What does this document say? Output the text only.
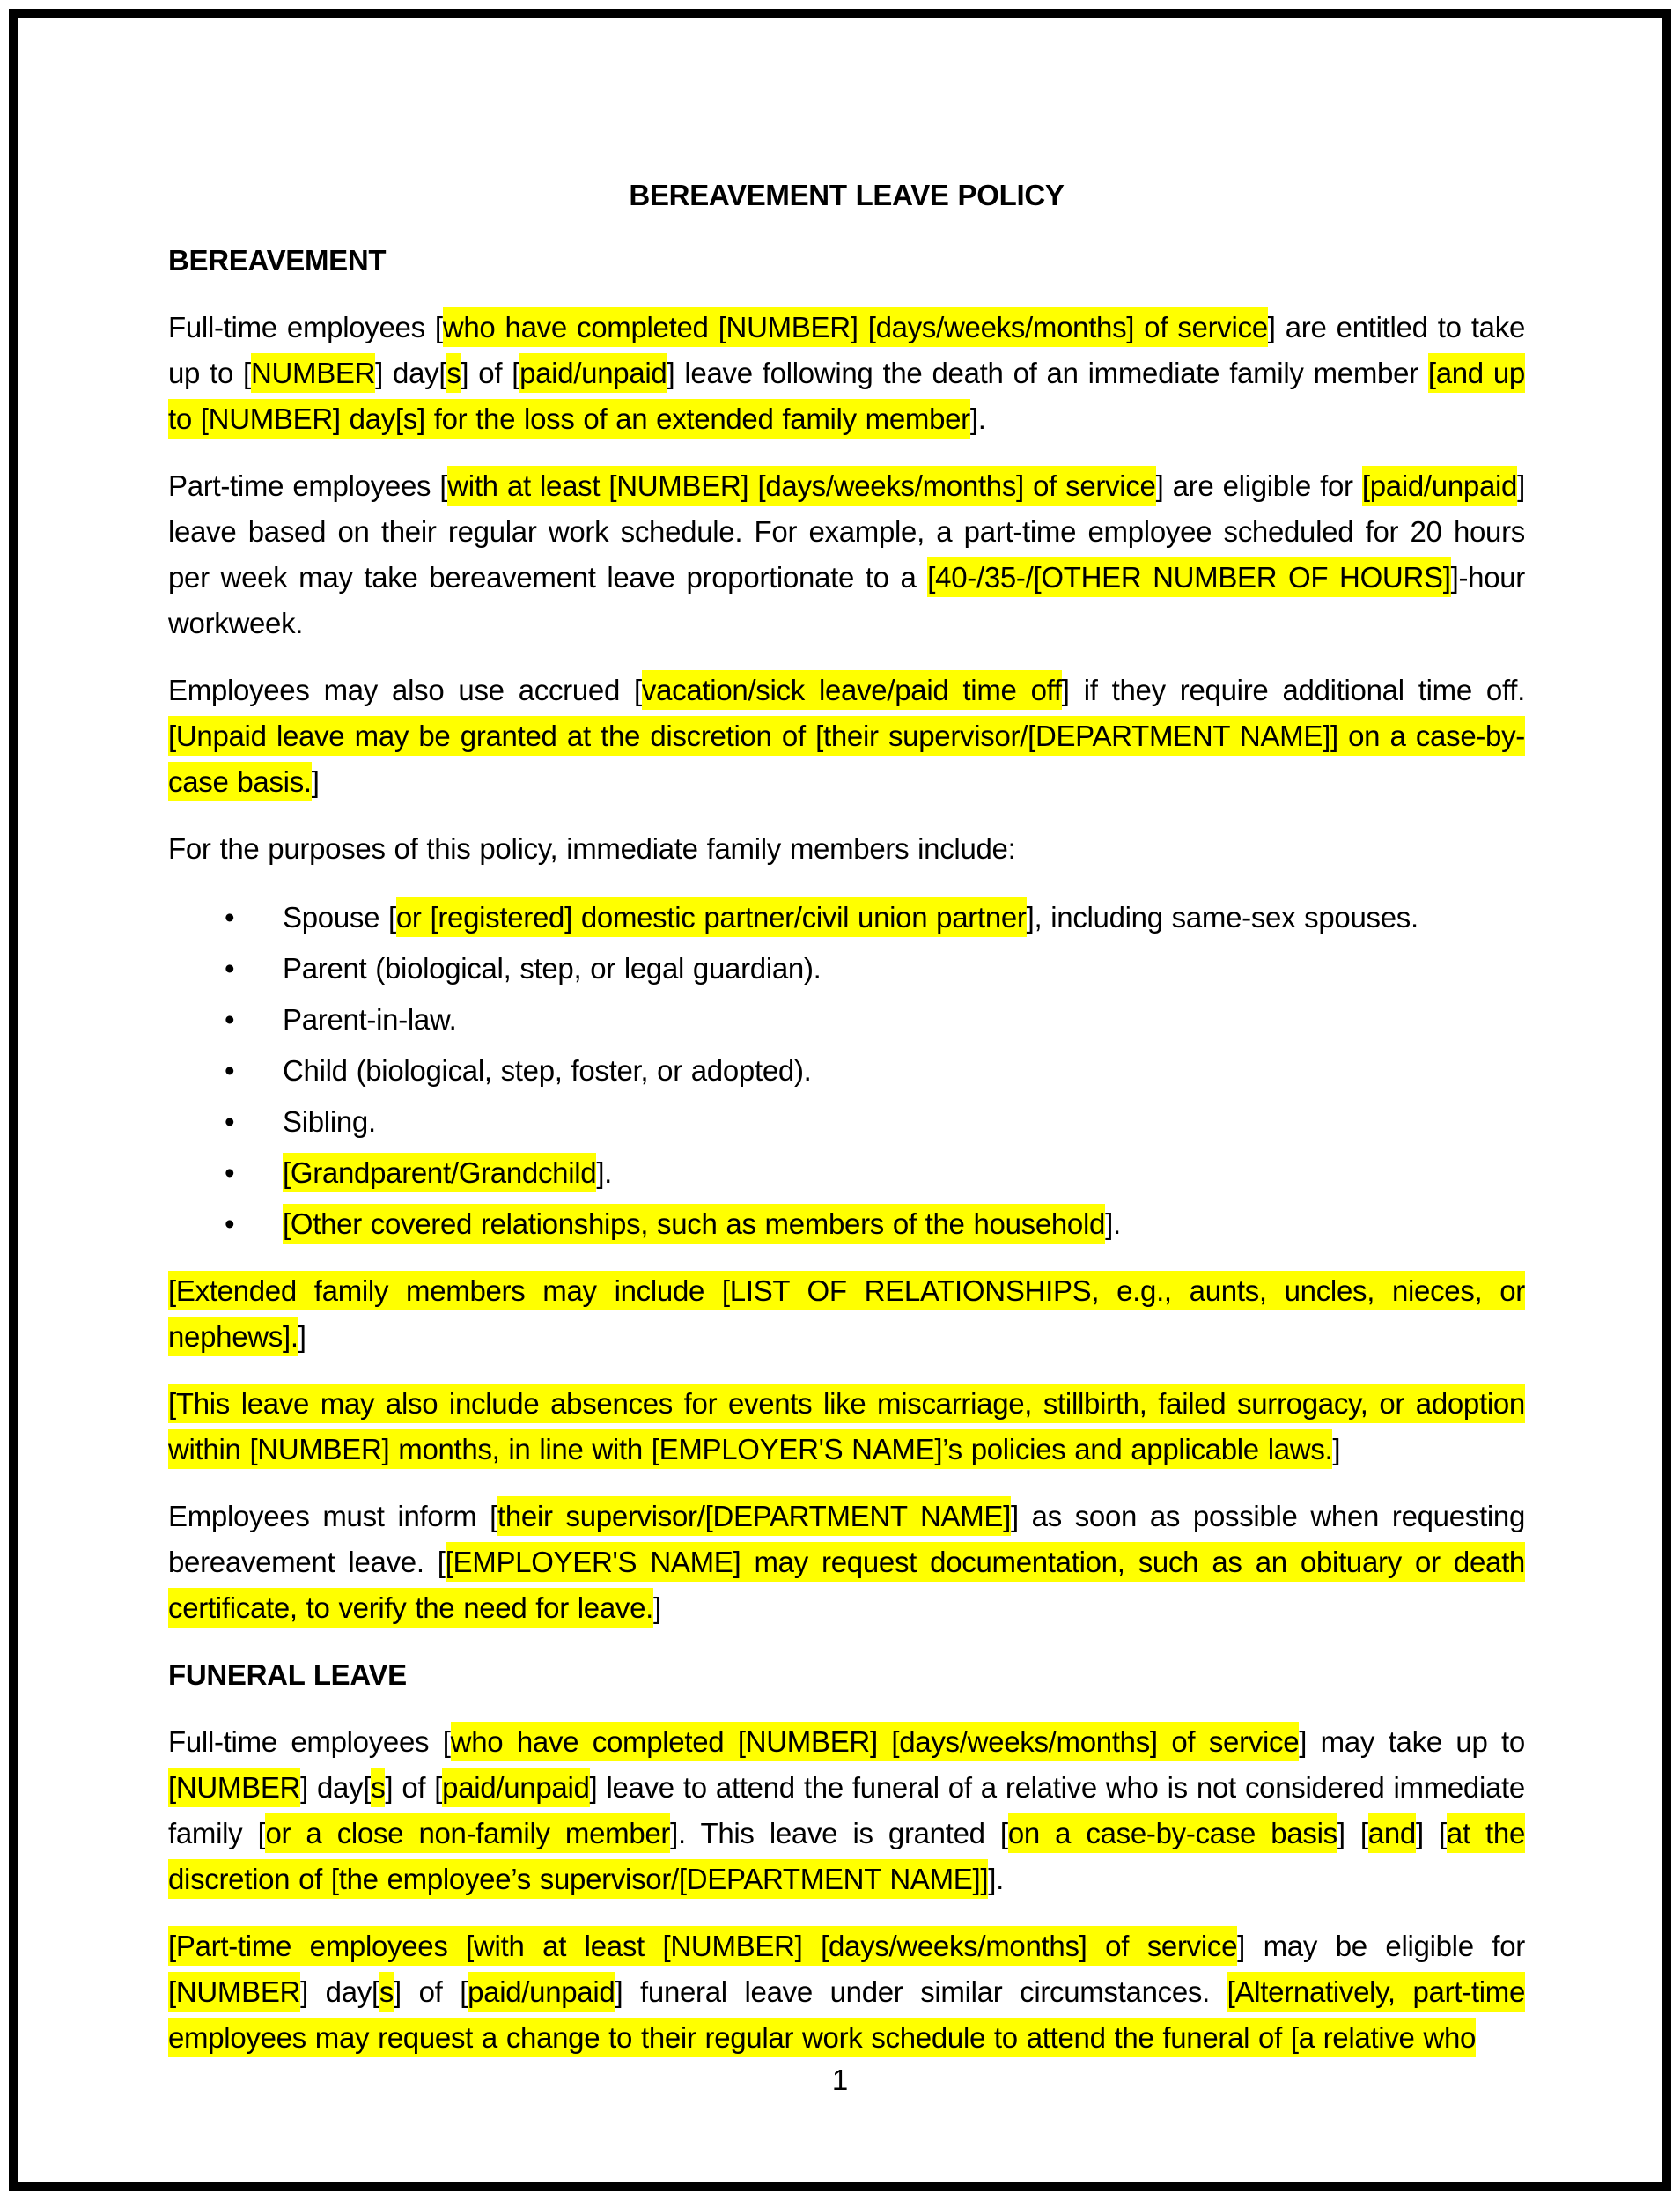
BEREAVEMENT LEAVE POLICY
BEREAVEMENT

Full-time employees [who have completed [NUMBER] [days/weeks/months] of service] are entitled to take up to [NUMBER] day[s] of [paid/unpaid] leave following the death of an immediate family member [and up to [NUMBER] day[s] for the loss of an extended family member].

Part-time employees [with at least [NUMBER] [days/weeks/months] of service] are eligible for [paid/unpaid] leave based on their regular work schedule. For example, a part-time employee scheduled for 20 hours per week may take bereavement leave proportionate to a [40-/35-/[OTHER NUMBER OF HOURS]]-hour workweek.

Employees may also use accrued [vacation/sick leave/paid time off] if they require additional time off. [Unpaid leave may be granted at the discretion of [their supervisor/[DEPARTMENT NAME]] on a case-by-case basis.]

For the purposes of this policy, immediate family members include:

• Spouse [or [registered] domestic partner/civil union partner], including same-sex spouses.
• Parent (biological, step, or legal guardian).
• Parent-in-law.
• Child (biological, step, foster, or adopted).
• Sibling.
• [Grandparent/Grandchild].
• [Other covered relationships, such as members of the household].

[Extended family members may include [LIST OF RELATIONSHIPS, e.g., aunts, uncles, nieces, or nephews].]

[This leave may also include absences for events like miscarriage, stillbirth, failed surrogacy, or adoption within [NUMBER] months, in line with [EMPLOYER'S NAME]’s policies and applicable laws.]

Employees must inform [their supervisor/[DEPARTMENT NAME]] as soon as possible when requesting bereavement leave. [[EMPLOYER'S NAME] may request documentation, such as an obituary or death certificate, to verify the need for leave.]

FUNERAL LEAVE

Full-time employees [who have completed [NUMBER] [days/weeks/months] of service] may take up to [NUMBER] day[s] of [paid/unpaid] leave to attend the funeral of a relative who is not considered immediate family [or a close non-family member]. This leave is granted [on a case-by-case basis] [and] [at the discretion of [the employee’s supervisor/[DEPARTMENT NAME]]].

[Part-time employees [with at least [NUMBER] [days/weeks/months] of service] may be eligible for [NUMBER] day[s] of [paid/unpaid] funeral leave under similar circumstances. [Alternatively, part-time employees may request a change to their regular work schedule to attend the funeral of [a relative who

1
